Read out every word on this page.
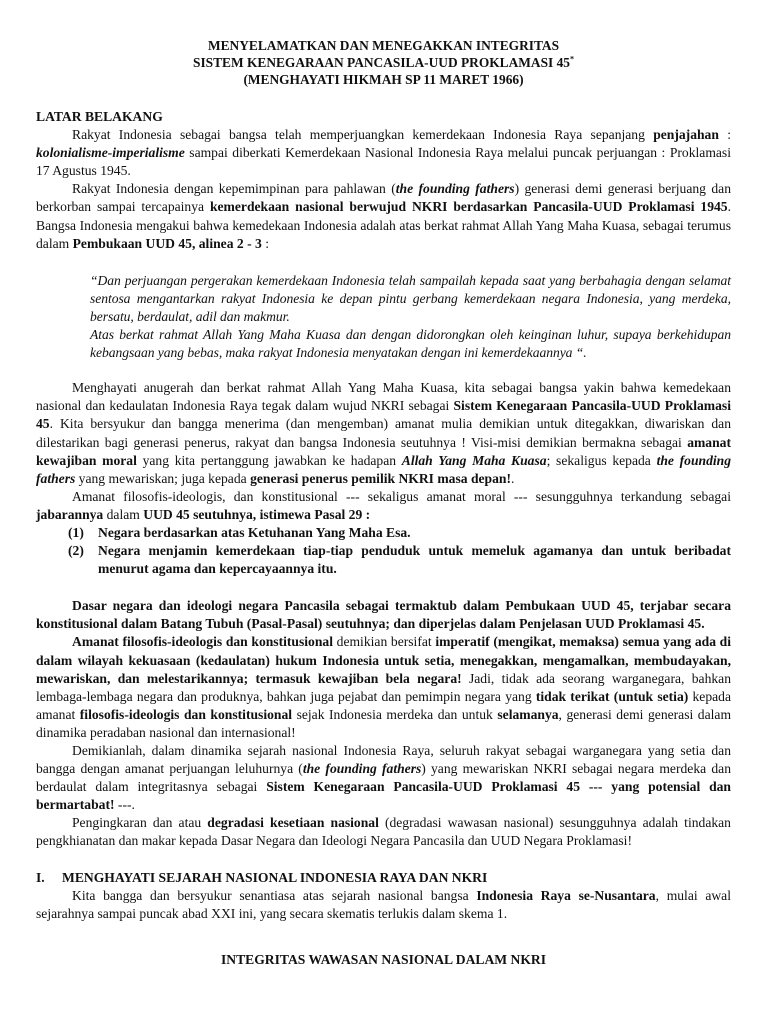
MENYELAMATKAN DAN MENEGAKKAN INTEGRITAS
SISTEM KENEGARAAN PANCASILA-UUD PROKLAMASI 45*
(MENGHAYATI HIKMAH SP 11 MARET 1966)
LATAR BELAKANG

Rakyat Indonesia sebagai bangsa telah memperjuangkan kemerdekaan Indonesia Raya sepanjang penjajahan : kolonialisme-imperialisme sampai diberkati Kemerdekaan Nasional Indonesia Raya melalui puncak perjuangan : Proklamasi 17 Agustus 1945.

Rakyat Indonesia dengan kepemimpinan para pahlawan (the founding fathers) generasi demi generasi berjuang dan berkorban sampai tercapainya kemerdekaan nasional berwujud NKRI berdasarkan Pancasila-UUD Proklamasi 1945. Bangsa Indonesia mengakui bahwa kemedekaan Indonesia adalah atas berkat rahmat Allah Yang Maha Kuasa, sebagai terumus dalam Pembukaan UUD 45, alinea 2 - 3 :

“Dan perjuangan pergerakan kemerdekaan Indonesia telah sampailah kepada saat yang berbahagia dengan selamat sentosa mengantarkan rakyat Indonesia ke depan pintu gerbang kemerdekaan negara Indonesia, yang merdeka, bersatu, berdaulat, adil dan makmur.
Atas berkat rahmat Allah Yang Maha Kuasa dan dengan didorongkan oleh keinginan luhur, supaya berkehidupan kebangsaan yang bebas, maka rakyat Indonesia menyatakan dengan ini kemerdekaannya “.

Menghayati anugerah dan berkat rahmat Allah Yang Maha Kuasa, kita sebagai bangsa yakin bahwa kemedekaan nasional dan kedaulatan Indonesia Raya tegak dalam wujud NKRI sebagai Sistem Kenegaraan Pancasila-UUD Proklamasi 45. Kita bersyukur dan bangga menerima (dan mengemban) amanat mulia demikian untuk ditegakkan, diwariskan dan dilestarikan bagi generasi penerus, rakyat dan bangsa Indonesia seutuhnya ! Visi-misi demikian bermakna sebagai amanat kewajiban moral yang kita pertanggung jawabkan ke hadapan Allah Yang Maha Kuasa; sekaligus kepada the founding fathers yang mewariskan; juga kepada generasi penerus pemilik NKRI masa depan!.

Amanat filosofis-ideologis, dan konstitusional --- sekaligus amanat moral --- sesungguhnya terkandung sebagai jabarannya dalam UUD 45 seutuhnya, istimewa Pasal 29 :

(1) Negara berdasarkan atas Ketuhanan Yang Maha Esa.
(2) Negara menjamin kemerdekaan tiap-tiap penduduk untuk memeluk agamanya dan untuk beribadat menurut agama dan kepercayaannya itu.

Dasar negara dan ideologi negara Pancasila sebagai termaktub dalam Pembukaan UUD 45, terjabar secara konstitusional dalam Batang Tubuh (Pasal-Pasal) seutuhnya; dan diperjelas dalam Penjelasan UUD Proklamasi 45.

Amanat filosofis-ideologis dan konstitusional demikian bersifat imperatif (mengikat, memaksa) semua yang ada di dalam wilayah kekuasaan (kedaulatan) hukum Indonesia untuk setia, menegakkan, mengamalkan, membudayakan, mewariskan, dan melestarikannya; termasuk kewajiban bela negara! Jadi, tidak ada seorang warganegara, bahkan lembaga-lembaga negara dan produknya, bahkan juga pejabat dan pemimpin negara yang tidak terikat (untuk setia) kepada amanat filosofis-ideologis dan konstitusional sejak Indonesia merdeka dan untuk selamanya, generasi demi generasi dalam dinamika peradaban nasional dan internasional!

Demikianlah, dalam dinamika sejarah nasional Indonesia Raya, seluruh rakyat sebagai warganegara yang setia dan bangga dengan amanat perjuangan leluhurnya (the founding fathers) yang mewariskan NKRI sebagai negara merdeka dan berdaulat dalam integritasnya sebagai Sistem Kenegaraan Pancasila-UUD Proklamasi 45 --- yang potensial dan bermartabat! ---.

Pengingkaran dan atau degradasi kesetiaan nasional (degradasi wawasan nasional) sesungguhnya adalah tindakan pengkhianatan dan makar kepada Dasar Negara dan Ideologi Negara Pancasila dan UUD Negara Proklamasi!

I.	MENGHAYATI SEJARAH NASIONAL INDONESIA RAYA DAN NKRI

Kita bangga dan bersyukur senantiasa atas sejarah nasional bangsa Indonesia Raya se-Nusantara, mulai awal sejarahnya sampai puncak abad XXI ini, yang secara skematis terlukis dalam skema 1.

INTEGRITAS WAWASAN NASIONAL DALAM NKRI
